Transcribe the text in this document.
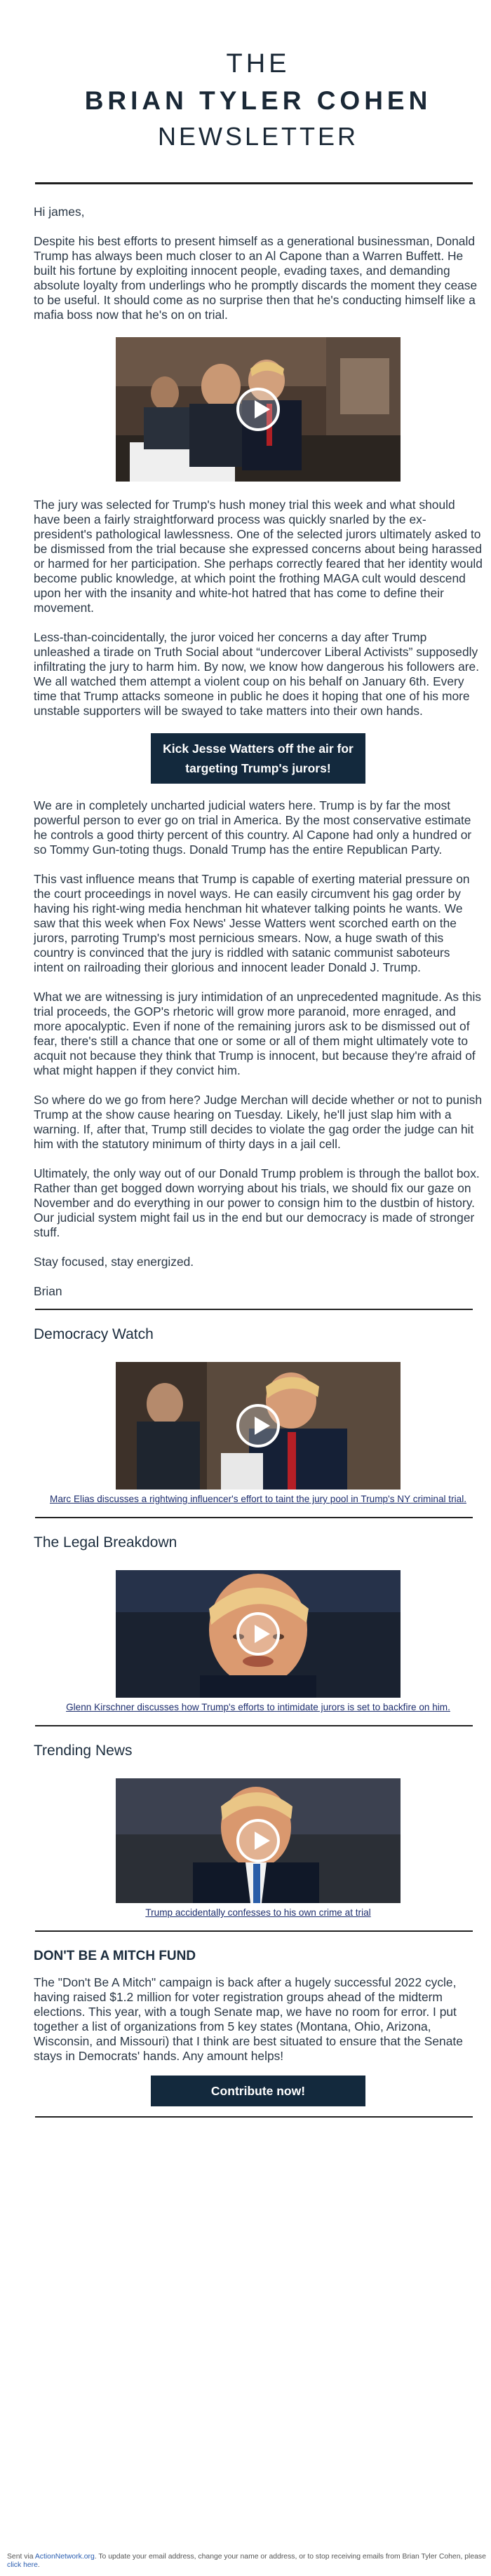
THE
BRIAN TYLER COHEN
NEWSLETTER

Hi james,

Despite his best efforts to present himself as a generational businessman, Donald Trump has always been much closer to an Al Capone than a Warren Buffett. He built his fortune by exploiting innocent people, evading taxes, and demanding absolute loyalty from underlings who he promptly discards the moment they cease to be useful. It should come as no surprise then that he's conducting himself like a mafia boss now that he's on on trial.

The jury was selected for Trump's hush money trial this week and what should have been a fairly straightforward process was quickly snarled by the ex-president's pathological lawlessness. One of the selected jurors ultimately asked to be dismissed from the trial because she expressed concerns about being harassed or harmed for her participation. She perhaps correctly feared that her identity would become public knowledge, at which point the frothing MAGA cult would descend upon her with the insanity and white-hot hatred that has come to define their movement.

Less-than-coincidentally, the juror voiced her concerns a day after Trump unleashed a tirade on Truth Social about “undercover Liberal Activists” supposedly infiltrating the jury to harm him. By now, we know how dangerous his followers are. We all watched them attempt a violent coup on his behalf on January 6th. Every time that Trump attacks someone in public he does it hoping that one of his more unstable supporters will be swayed to take matters into their own hands.

Kick Jesse Watters off the air for targeting Trump's jurors!

We are in completely uncharted judicial waters here. Trump is by far the most powerful person to ever go on trial in America. By the most conservative estimate he controls a good thirty percent of this country. Al Capone had only a hundred or so Tommy Gun-toting thugs. Donald Trump has the entire Republican Party.

This vast influence means that Trump is capable of exerting material pressure on the court proceedings in novel ways. He can easily circumvent his gag order by having his right-wing media henchman hit whatever talking points he wants. We saw that this week when Fox News' Jesse Watters went scorched earth on the jurors, parroting Trump's most pernicious smears. Now, a huge swath of this country is convinced that the jury is riddled with satanic communist saboteurs intent on railroading their glorious and innocent leader Donald J. Trump.

What we are witnessing is jury intimidation of an unprecedented magnitude. As this trial proceeds, the GOP's rhetoric will grow more paranoid, more enraged, and more apocalyptic. Even if none of the remaining jurors ask to be dismissed out of fear, there's still a chance that one or some or all of them might ultimately vote to acquit not because they think that Trump is innocent, but because they're afraid of what might happen if they convict him.

So where do we go from here? Judge Merchan will decide whether or not to punish Trump at the show cause hearing on Tuesday. Likely, he'll just slap him with a warning. If, after that, Trump still decides to violate the gag order the judge can hit him with the statutory minimum of thirty days in a jail cell.

Ultimately, the only way out of our Donald Trump problem is through the ballot box. Rather than get bogged down worrying about his trials, we should fix our gaze on November and do everything in our power to consign him to the dustbin of history. Our judicial system might fail us in the end but our democracy is made of stronger stuff.

Stay focused, stay energized.

Brian

Democracy Watch
Marc Elias discusses a rightwing influencer's effort to taint the jury pool in Trump's NY criminal trial.
The Legal Breakdown
Glenn Kirschner discusses how Trump's efforts to intimidate jurors is set to backfire on him.
Trending News
Trump accidentally confesses to his own crime at trial
DON'T BE A MITCH FUND

The "Don't Be A Mitch" campaign is back after a hugely successful 2022 cycle, having raised $1.2 million for voter registration groups ahead of the midterm elections. This year, with a tough Senate map, we have no room for error. I put together a list of organizations from 5 key states (Montana, Ohio, Arizona, Wisconsin, and Missouri) that I think are best situated to ensure that the Senate stays in Democrats' hands. Any amount helps!

Contribute now!
Sent via ActionNetwork.org. To update your email address, change your name or address, or to stop receiving emails from Brian Tyler Cohen, please click here.
